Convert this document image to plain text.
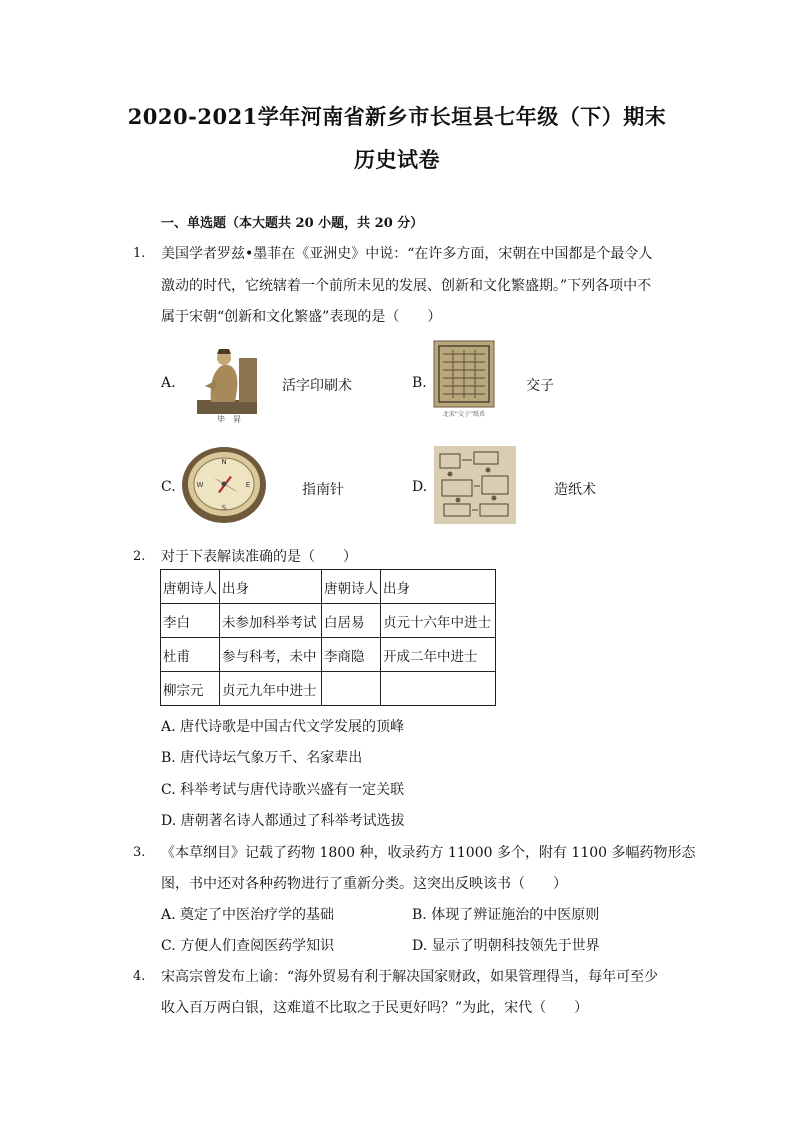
2020-2021学年河南省新乡市长垣县七年级（下）期末
历史试卷
一、单选题（本大题共 20 小题，共 20 分）
1. 美国学者罗兹•墨菲在《亚洲史》中说：“在许多方面，宋朝在中国都是个最令人
激动的时代，它统辖着一个前所未见的发展、创新和文化繁盛期。”下列各项中不
属于宋朝“创新和文化繁盛”表现的是（　　）
A.
毕　昇
活字印刷术	B.
北宋“交子”纸币
交子
C.
N
S
W	E	指南针	D.	造纸术
2. 对于下表解读准确的是（　　）
唐朝诗人	出身	唐朝诗人	出身
李白	未参加科举考试	白居易	贞元十六年中进士
杜甫	参与科考，未中	李商隐	开成二年中进士
柳宗元	贞元九年中进士		
A. 唐代诗歌是中国古代文学发展的顶峰
B. 唐代诗坛气象万千、名家辈出
C. 科举考试与唐代诗歌兴盛有一定关联
D. 唐朝著名诗人都通过了科举考试选拔
3. 《本草纲目》记载了药物 1800 种，收录药方 11000 多个，附有 1100 多幅药物形态
图，书中还对各种药物进行了重新分类。这突出反映该书（　　）
A. 奠定了中医治疗学的基础	B. 体现了辨证施治的中医原则
C. 方便人们查阅医药学知识	D. 显示了明朝科技领先于世界
4. 宋高宗曾发布上谕：“海外贸易有利于解决国家财政，如果管理得当，每年可至少
收入百万两白银，这难道不比取之于民更好吗？”为此，宋代（　　）
